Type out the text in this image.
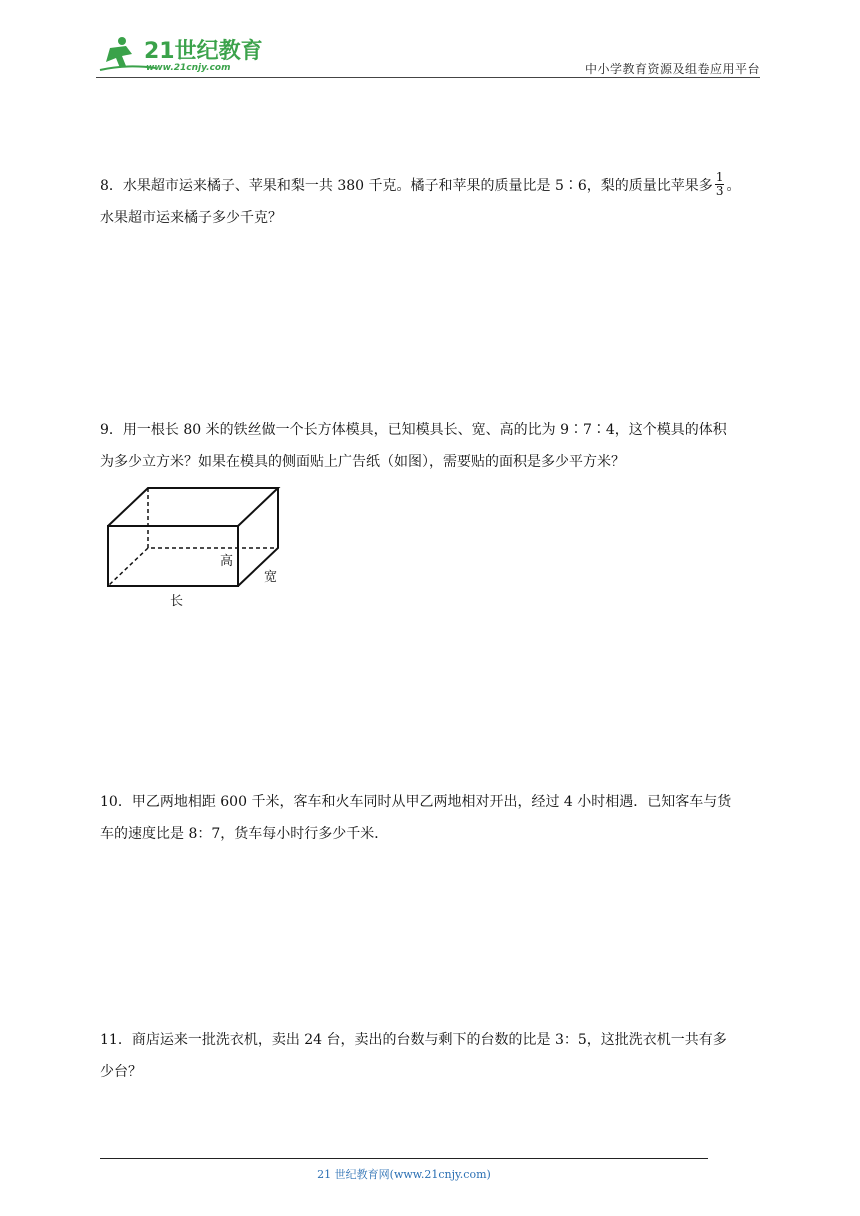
21世纪教育
www.21cnjy.com	中小学教育资源及组卷应用平台

8．水果超市运来橘子、苹果和梨一共 380 千克。橘子和苹果的质量比是 5∶6，梨的质量比苹果多 $\frac{1}{3}$ 。

水果超市运来橘子多少千克？

9．用一根长 80 米的铁丝做一个长方体模具，已知模具长、宽、高的比为 9∶7∶4，这个模具的体积

为多少立方米？如果在模具的侧面贴上广告纸（如图），需要贴的面积是多少平方米？

高
宽
长

10．甲乙两地相距 600 千米，客车和火车同时从甲乙两地相对开出，经过 4 小时相遇．已知客车与货

车的速度比是 8：7，货车每小时行多少千米．

11．商店运来一批洗衣机，卖出 24 台，卖出的台数与剩下的台数的比是 3：5，这批洗衣机一共有多

少台？

21 世纪教育网(www.21cnjy.com)
